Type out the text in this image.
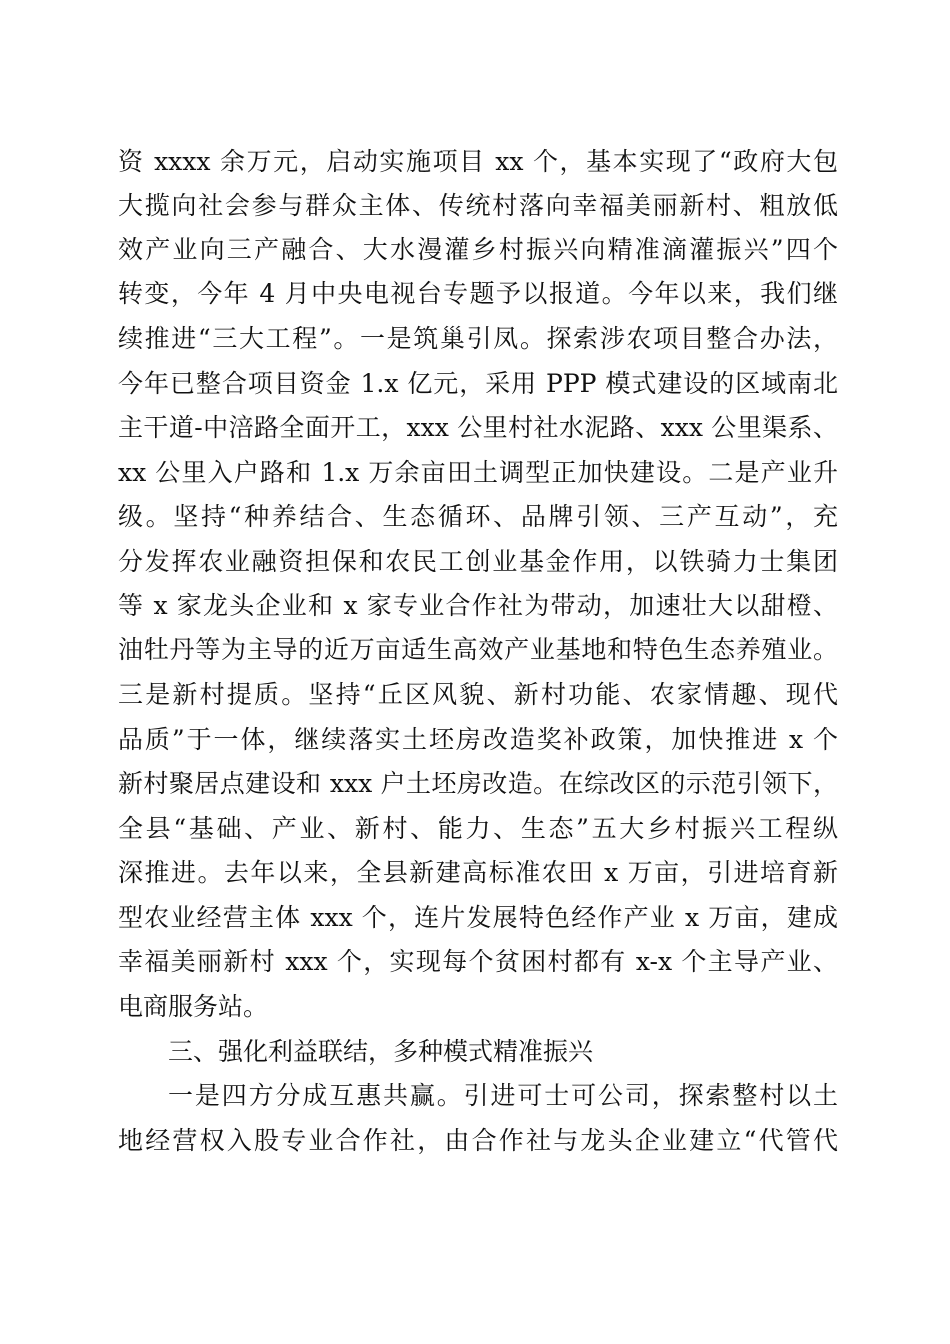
资 xxxx 余万元，启动实施项目 xx 个，基本实现了“政府大包
大揽向社会参与群众主体、传统村落向幸福美丽新村、粗放低
效产业向三产融合、大水漫灌乡村振兴向精准滴灌振兴”四个
转变，今年 4 月中央电视台专题予以报道。今年以来，我们继
续推进“三大工程”。一是筑巢引凤。探索涉农项目整合办法，
今年已整合项目资金 1.x 亿元，采用 PPP 模式建设的区域南北
主干道-中涪路全面开工，xxx 公里村社水泥路、xxx 公里渠系、
xx 公里入户路和 1.x 万余亩田土调型正加快建设。二是产业升
级。坚持“种养结合、生态循环、品牌引领、三产互动”，充
分发挥农业融资担保和农民工创业基金作用，以铁骑力士集团
等 x 家龙头企业和 x 家专业合作社为带动，加速壮大以甜橙、
油牡丹等为主导的近万亩适生高效产业基地和特色生态养殖业。
三是新村提质。坚持“丘区风貌、新村功能、农家情趣、现代
品质”于一体，继续落实土坯房改造奖补政策，加快推进 x 个
新村聚居点建设和 xxx 户土坯房改造。在综改区的示范引领下，
全县“基础、产业、新村、能力、生态”五大乡村振兴工程纵
深推进。去年以来，全县新建高标准农田 x 万亩，引进培育新
型农业经营主体 xxx 个，连片发展特色经作产业 x 万亩，建成
幸福美丽新村 xxx 个，实现每个贫困村都有 x-x 个主导产业、
电商服务站。
三、强化利益联结，多种模式精准振兴
一是四方分成互惠共赢。引进可士可公司，探索整村以土
地经营权入股专业合作社，由合作社与龙头企业建立“代管代
